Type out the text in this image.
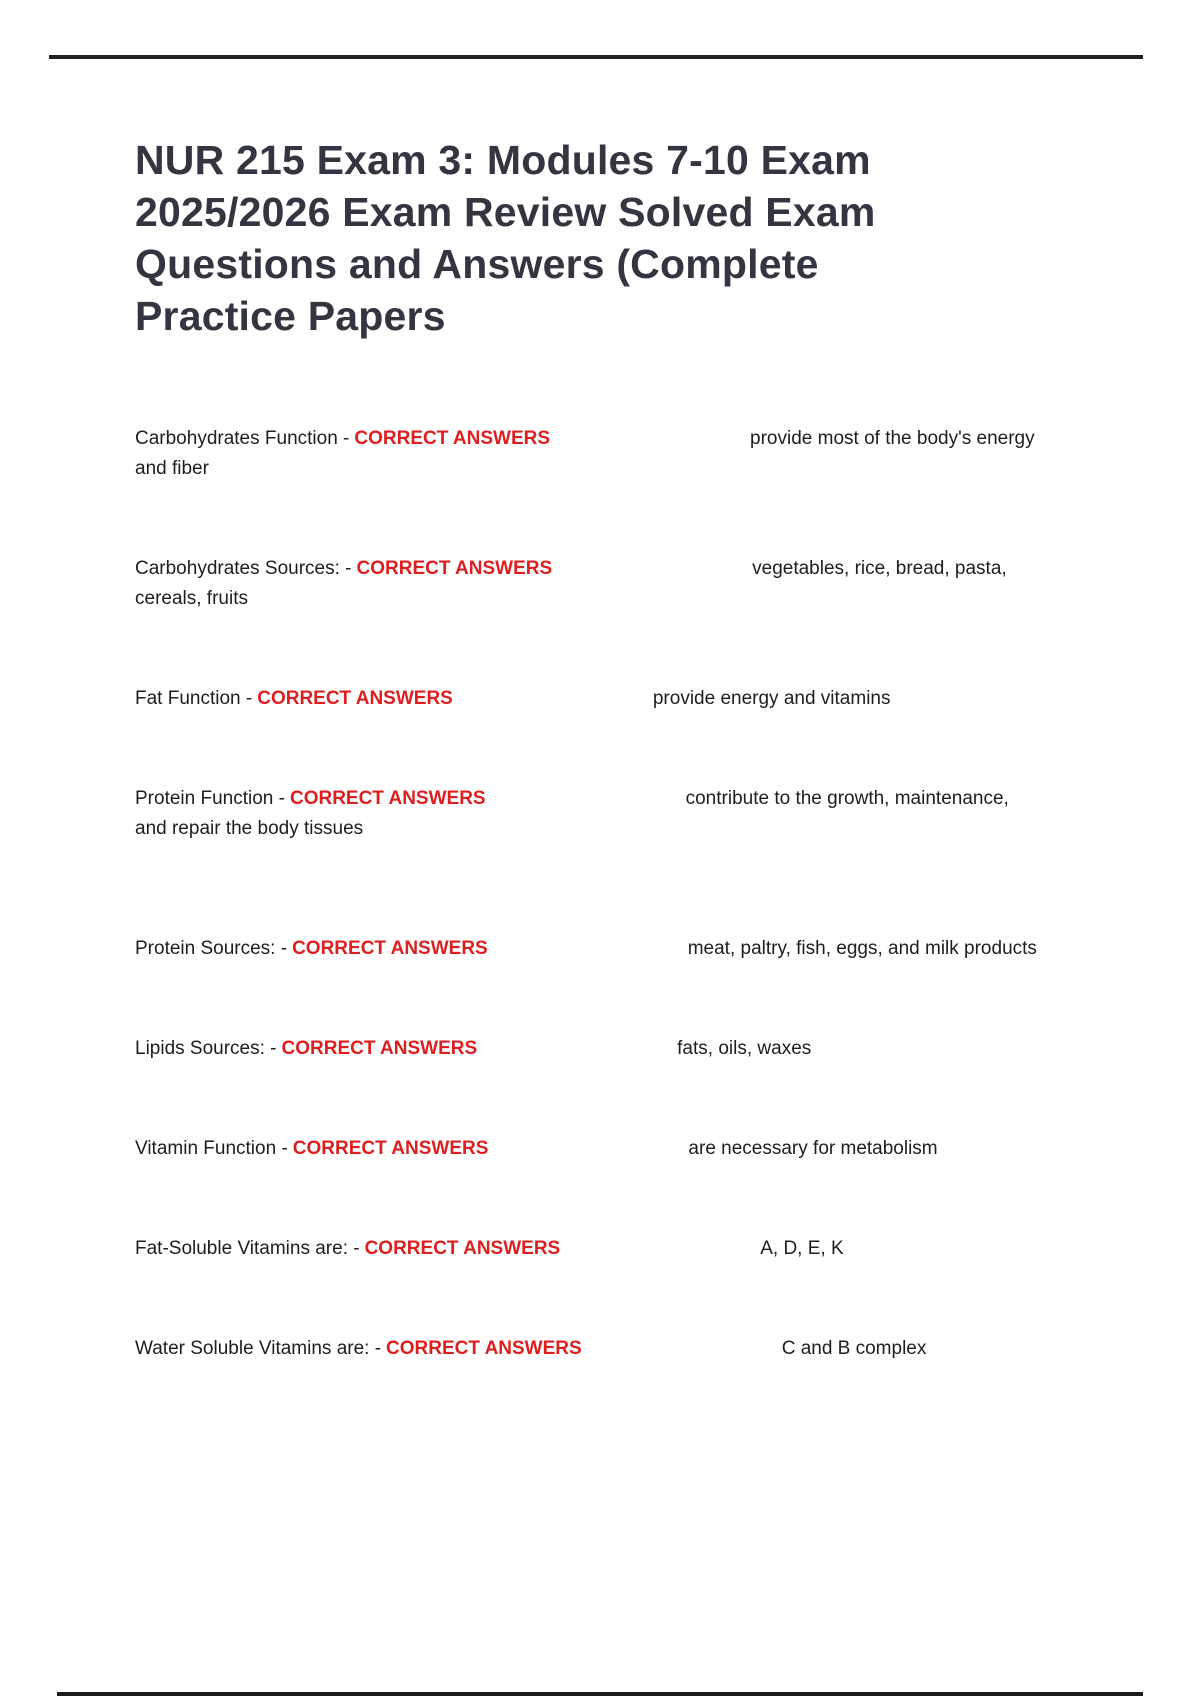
NUR 215 Exam 3: Modules 7-10 Exam
2025/2026 Exam Review Solved Exam
Questions and Answers (Complete
Practice Papers
Carbohydrates Function - CORRECT ANSWERS	provide most of the body's energy
and fiber
Carbohydrates Sources: - CORRECT ANSWERS	vegetables, rice, bread, pasta,
cereals, fruits
Fat Function - CORRECT ANSWERS	provide energy and vitamins
Protein Function - CORRECT ANSWERS	contribute to the growth, maintenance,
and repair the body tissues
Protein Sources: - CORRECT ANSWERS	meat, paltry, fish, eggs, and milk products
Lipids Sources: - CORRECT ANSWERS	fats, oils, waxes
Vitamin Function - CORRECT ANSWERS	are necessary for metabolism
Fat-Soluble Vitamins are: - CORRECT ANSWERS	A, D, E, K
Water Soluble Vitamins are: - CORRECT ANSWERS	C and B complex
